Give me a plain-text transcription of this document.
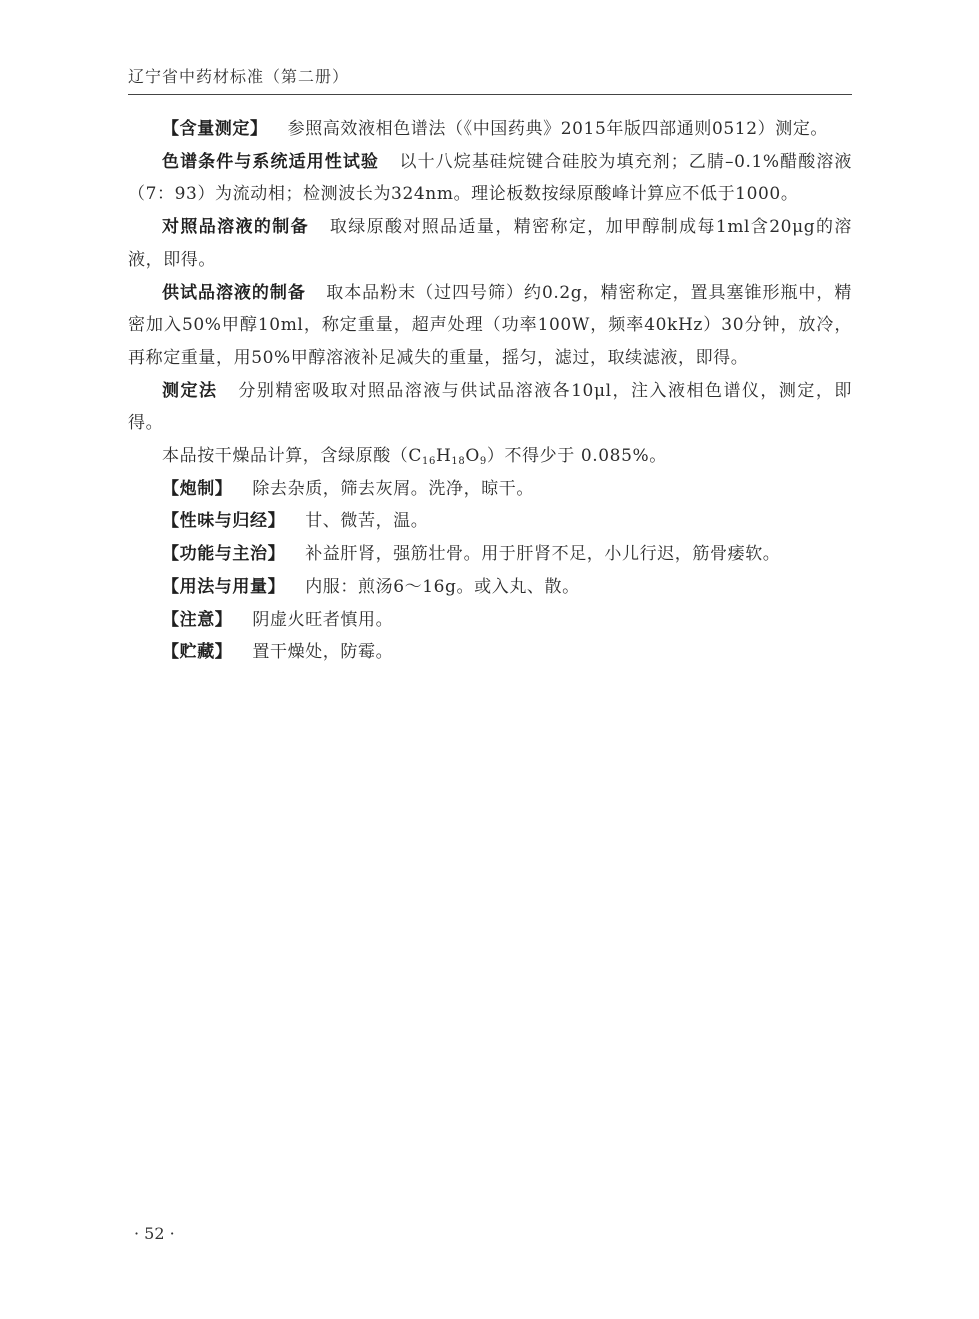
辽宁省中药材标准（第二册）

【含量测定】 参照高效液相色谱法（《中国药典》2015年版四部通则0512）测定。

色谱条件与系统适用性试验 以十八烷基硅烷键合硅胶为填充剂；乙腈–0.1%醋酸溶液（7：93）为流动相；检测波长为324nm。理论板数按绿原酸峰计算应不低于1000。

对照品溶液的制备 取绿原酸对照品适量，精密称定，加甲醇制成每1ml含20μg的溶液，即得。

供试品溶液的制备 取本品粉末（过四号筛）约0.2g，精密称定，置具塞锥形瓶中，精密加入50%甲醇10ml，称定重量，超声处理（功率100W，频率40kHz）30分钟，放冷，再称定重量，用50%甲醇溶液补足减失的重量，摇匀，滤过，取续滤液，即得。

测定法 分别精密吸取对照品溶液与供试品溶液各10μl，注入液相色谱仪，测定，即得。

本品按干燥品计算，含绿原酸$(C_{16}H_{18}O_9)$不得少于 0.085%。

【炮制】 除去杂质，筛去灰屑。洗净，晾干。

【性味与归经】 甘、微苦，温。

【功能与主治】 补益肝肾，强筋壮骨。用于肝肾不足，小儿行迟，筋骨痿软。

【用法与用量】 内服：煎汤6～16g。或入丸、散。

【注意】 阴虚火旺者慎用。

【贮藏】 置干燥处，防霉。

· 52 ·
